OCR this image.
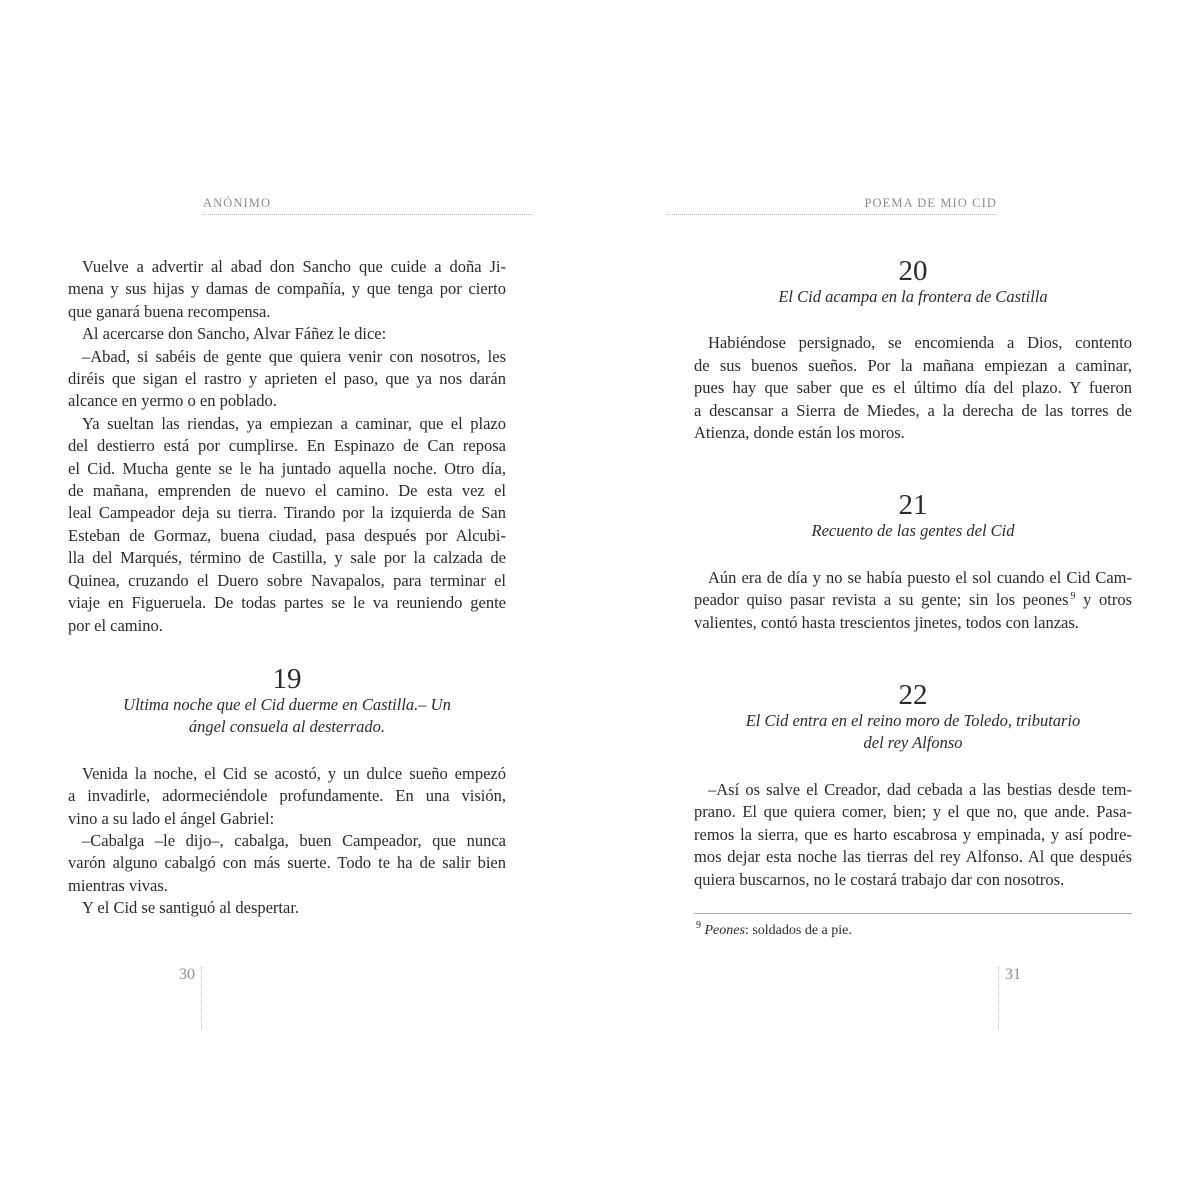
ANÓNIMO	POEMA DE MIO CID
Vuelve a advertir al abad don Sancho que cuide a doña Ji-
mena y sus hijas y damas de compañía, y que tenga por cierto
que ganará buena recompensa.
Al acercarse don Sancho, Alvar Fáñez le dice:
–Abad, si sabéis de gente que quiera venir con nosotros, les
diréis que sigan el rastro y aprieten el paso, que ya nos darán
alcance en yermo o en poblado.
Ya sueltan las riendas, ya empiezan a caminar, que el plazo
del destierro está por cumplirse. En Espinazo de Can reposa
el Cid. Mucha gente se le ha juntado aquella noche. Otro día,
de mañana, emprenden de nuevo el camino. De esta vez el
leal Campeador deja su tierra. Tirando por la izquierda de San
Esteban de Gormaz, buena ciudad, pasa después por Alcubi-
lla del Marqués, término de Castilla, y sale por la calzada de
Quinea, cruzando el Duero sobre Navapalos, para terminar el
viaje en Figueruela. De todas partes se le va reuniendo gente
por el camino.
19
Ultima noche que el Cid duerme en Castilla.– Un
ángel consuela al desterrado.
Venida la noche, el Cid se acostó, y un dulce sueño empezó
a invadirle, adormeciéndole profundamente. En una visión,
vino a su lado el ángel Gabriel:
–Cabalga –le dijo–, cabalga, buen Campeador, que nunca
varón alguno cabalgó con más suerte. Todo te ha de salir bien
mientras vivas.
Y el Cid se santiguó al despertar.
20
El Cid acampa en la frontera de Castilla
Habiéndose persignado, se encomienda a Dios, contento
de sus buenos sueños. Por la mañana empiezan a caminar,
pues hay que saber que es el último día del plazo. Y fueron
a descansar a Sierra de Miedes, a la derecha de las torres de
Atienza, donde están los moros.
21
Recuento de las gentes del Cid
Aún era de día y no se había puesto el sol cuando el Cid Cam-
peador quiso pasar revista a su gente; sin los peones $^9$ y otros
valientes, contó hasta trescientos jinetes, todos con lanzas.
22
El Cid entra en el reino moro de Toledo, tributario
del rey Alfonso
–Así os salve el Creador, dad cebada a las bestias desde tem-
prano. El que quiera comer, bien; y el que no, que ande. Pasa-
remos la sierra, que es harto escabrosa y empinada, y así podre-
mos dejar esta noche las tierras del rey Alfonso. Al que después
quiera buscarnos, no le costará trabajo dar con nosotros.
$^9$ Peones: soldados de a pie.
30	31
